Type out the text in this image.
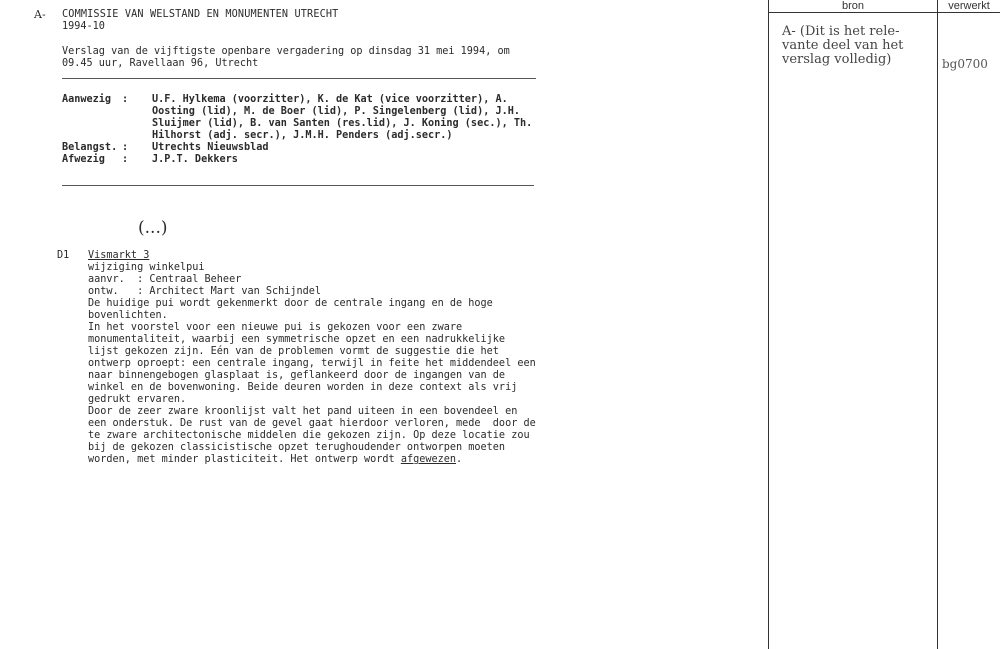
A- COMMISSIE VAN WELSTAND EN MONUMENTEN UTRECHT
1994-10
Verslag van de vijftigste openbare vergadering op dinsdag 31 mei 1994, om
09.45 uur, Ravellaan 96, Utrecht
Aanwezig : U.F. Hylkema (voorzitter), K. de Kat (vice voorzitter), A.
Oosting (lid), M. de Boer (lid), P. Singelenberg (lid), J.H.
Sluijmer (lid), B. van Santen (res.lid), J. Koning (sec.), Th.
Hilhorst (adj. secr.), J.M.H. Penders (adj.secr.)
Belangst. : Utrechts Nieuwsblad
Afwezig : J.P.T. Dekkers
(...)
D1 Vismarkt 3
wijziging winkelpui
aanvr.  : Centraal Beheer
ontw.   : Architect Mart van Schijndel
De huidige pui wordt gekenmerkt door de centrale ingang en de hoge
bovenlichten.
In het voorstel voor een nieuwe pui is gekozen voor een zware
monumentaliteit, waarbij een symmetrische opzet en een nadrukkelijke
lijst gekozen zijn. Eén van de problemen vormt de suggestie die het
ontwerp oproept: een centrale ingang, terwijl in feite het middendeel een
naar binnengebogen glasplaat is, geflankeerd door de ingangen van de
winkel en de bovenwoning. Beide deuren worden in deze context als vrij
gedrukt ervaren.
Door de zeer zware kroonlijst valt het pand uiteen in een bovendeel en
een onderstuk. De rust van de gevel gaat hierdoor verloren, mede  door de
te zware architectonische middelen die gekozen zijn. Op deze locatie zou
bij de gekozen classicistische opzet terughoudender ontworpen moeten
worden, met minder plasticiteit. Het ontwerp wordt afgewezen.
bron	verwerkt
A- (Dit is het rele-
vante deel van het
verslag volledig)	bg0700
